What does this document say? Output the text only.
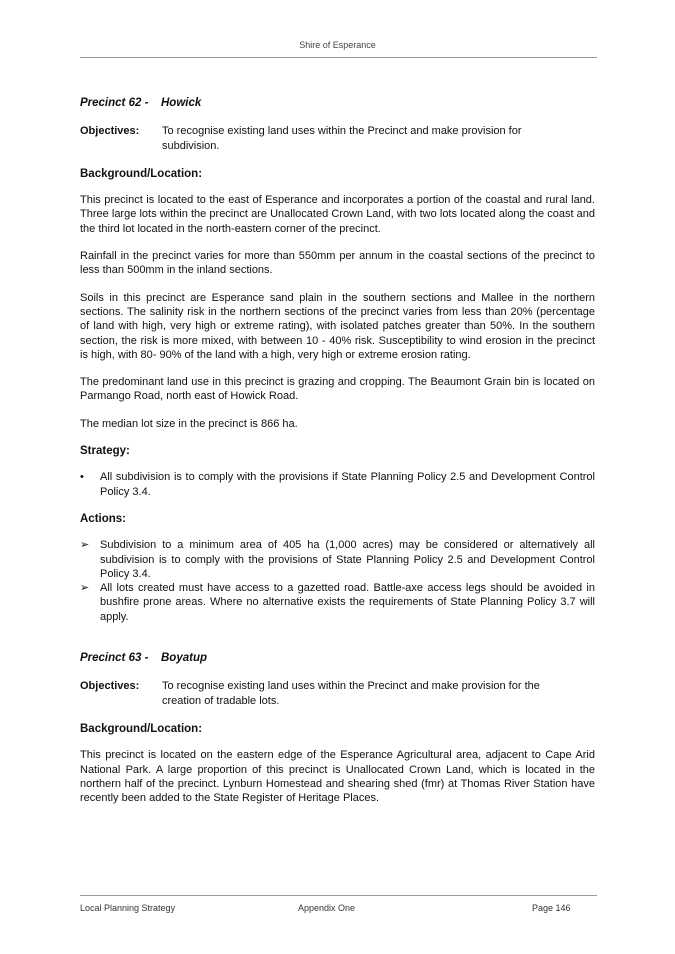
Shire of Esperance
Precinct 62 - Howick
Objectives:	To recognise existing land uses within the Precinct and make provision for subdivision.
Background/Location:

This precinct is located to the east of Esperance and incorporates a portion of the coastal and rural land. Three large lots within the precinct are Unallocated Crown Land, with two lots located along the coast and the third lot located in the north-eastern corner of the precinct.

Rainfall in the precinct varies for more than 550mm per annum in the coastal sections of the precinct to less than 500mm in the inland sections.

Soils in this precinct are Esperance sand plain in the southern sections and Mallee in the northern sections. The salinity risk in the northern sections of the precinct varies from less than 20% (percentage of land with high, very high or extreme rating), with isolated patches greater than 50%. In the southern section, the risk is more mixed, with between 10 - 40% risk. Susceptibility to wind erosion in the precinct is high, with 80- 90% of the land with a high, very high or extreme erosion rating.

The predominant land use in this precinct is grazing and cropping. The Beaumont Grain bin is located on Parmango Road, north east of Howick Road.

The median lot size in the precinct is 866 ha.

Strategy:
•	All subdivision is to comply with the provisions if State Planning Policy 2.5 and Development Control Policy 3.4.
Actions:
➢ Subdivision to a minimum area of 405 ha (1,000 acres) may be considered or alternatively all subdivision is to comply with the provisions of State Planning Policy 2.5 and Development Control Policy 3.4.
➢ All lots created must have access to a gazetted road. Battle-axe access legs should be avoided in bushfire prone areas. Where no alternative exists the requirements of State Planning Policy 3.7 will apply.
Precinct 63 - Boyatup
Objectives:	To recognise existing land uses within the Precinct and make provision for the creation of tradable lots.
Background/Location:

This precinct is located on the eastern edge of the Esperance Agricultural area, adjacent to Cape Arid National Park. A large proportion of this precinct is Unallocated Crown Land, which is located in the northern half of the precinct. Lynburn Homestead and shearing shed (fmr) at Thomas River Station have recently been added to the State Register of Heritage Places.

Local Planning Strategy	Appendix One	Page 146
